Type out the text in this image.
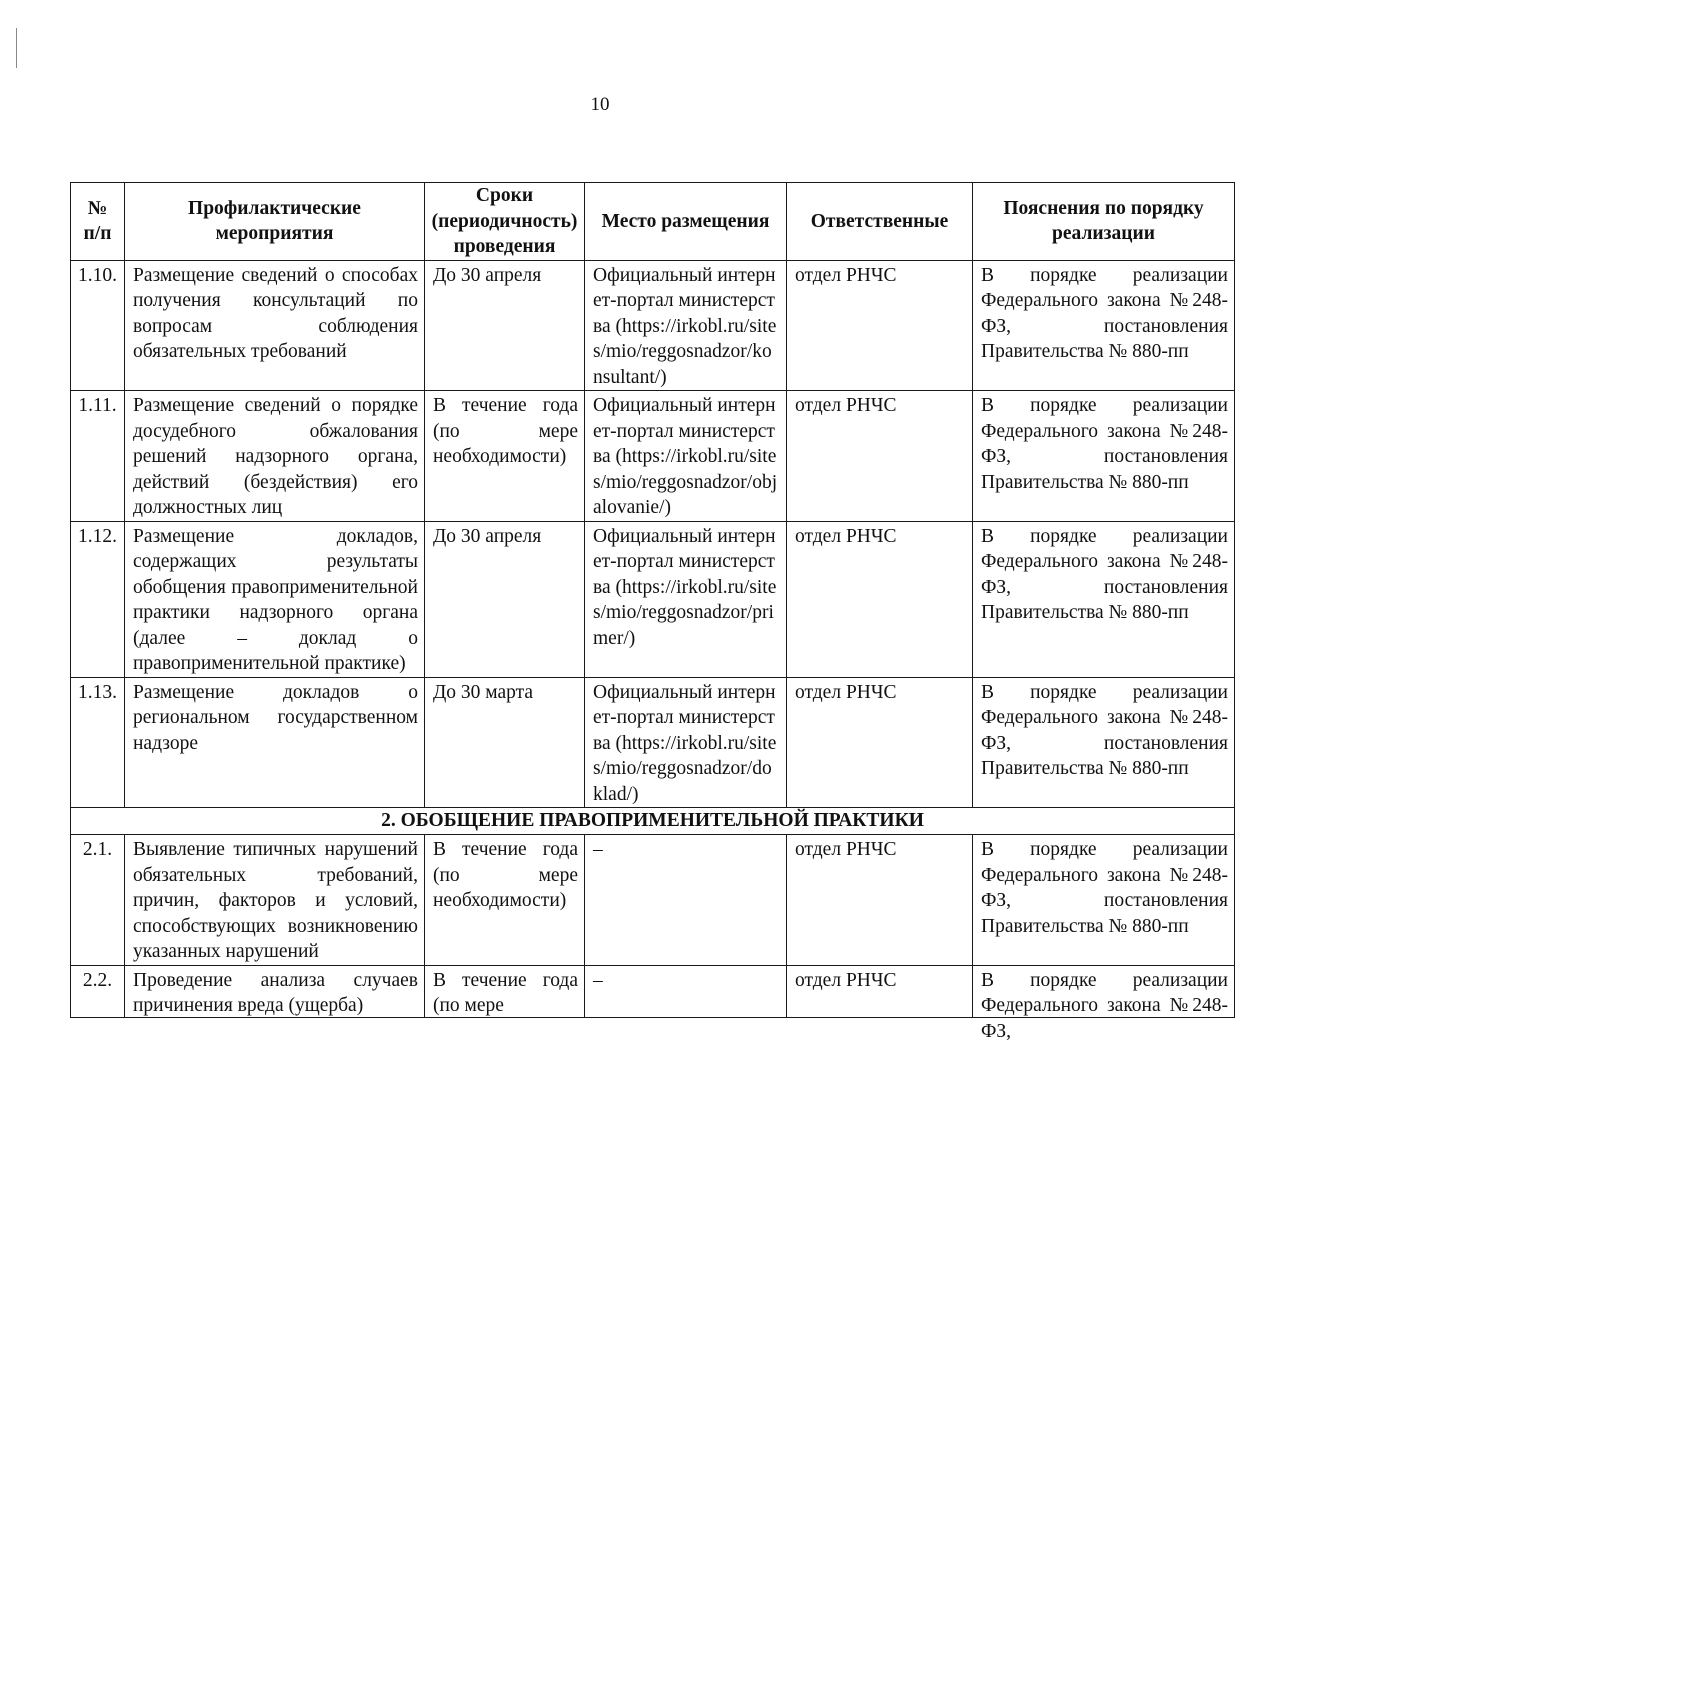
10
№ п/п	Профилактические мероприятия	Сроки (периодичность) проведения	Место размещения	Ответственные	Пояснения по порядку реализации
1.10.	Размещение сведений о способах получения консультаций по вопросам соблюдения обязательных требований	До 30 апреля	Официальный интернет-портал министерства (https://irkobl.ru/sites/mio/reggosnadzor/konsultant/)	отдел РНЧС	В порядке реализации Федерального закона №248-ФЗ, постановления Правительства № 880-пп
1.11.	Размещение сведений о порядке досудебного обжалования решений надзорного органа, действий (бездействия) его должностных лиц	В течение года (по мере необходимости)	Официальный интернет-портал министерства (https://irkobl.ru/sites/mio/reggosnadzor/objalovanie/)	отдел РНЧС	В порядке реализации Федерального закона №248-ФЗ, постановления Правительства № 880-пп
1.12.	Размещение докладов, содержащих результаты обобщения правоприменительной практики надзорного органа (далее – доклад о правоприменительной практике)	До 30 апреля	Официальный интернет-портал министерства (https://irkobl.ru/sites/mio/reggosnadzor/primer/)	отдел РНЧС	В порядке реализации Федерального закона №248-ФЗ, постановления Правительства № 880-пп
1.13.	Размещение докладов о региональном государственном надзоре	До 30 марта	Официальный интернет-портал министерства (https://irkobl.ru/sites/mio/reggosnadzor/doklad/)	отдел РНЧС	В порядке реализации Федерального закона №248-ФЗ, постановления Правительства № 880-пп
2. ОБОБЩЕНИЕ ПРАВОПРИМЕНИТЕЛЬНОЙ ПРАКТИКИ					
2.1.	Выявление типичных нарушений обязательных требований, причин, факторов и условий, способствующих возникновению указанных нарушений	В течение года (по мере необходимости)	–	отдел РНЧС	В порядке реализации Федерального закона №248-ФЗ, постановления Правительства № 880-пп
2.2.	Проведение анализа случаев причинения вреда (ущерба)	В течение года (по мере	–	отдел РНЧС	В порядке реализации Федерального закона №248-ФЗ,
